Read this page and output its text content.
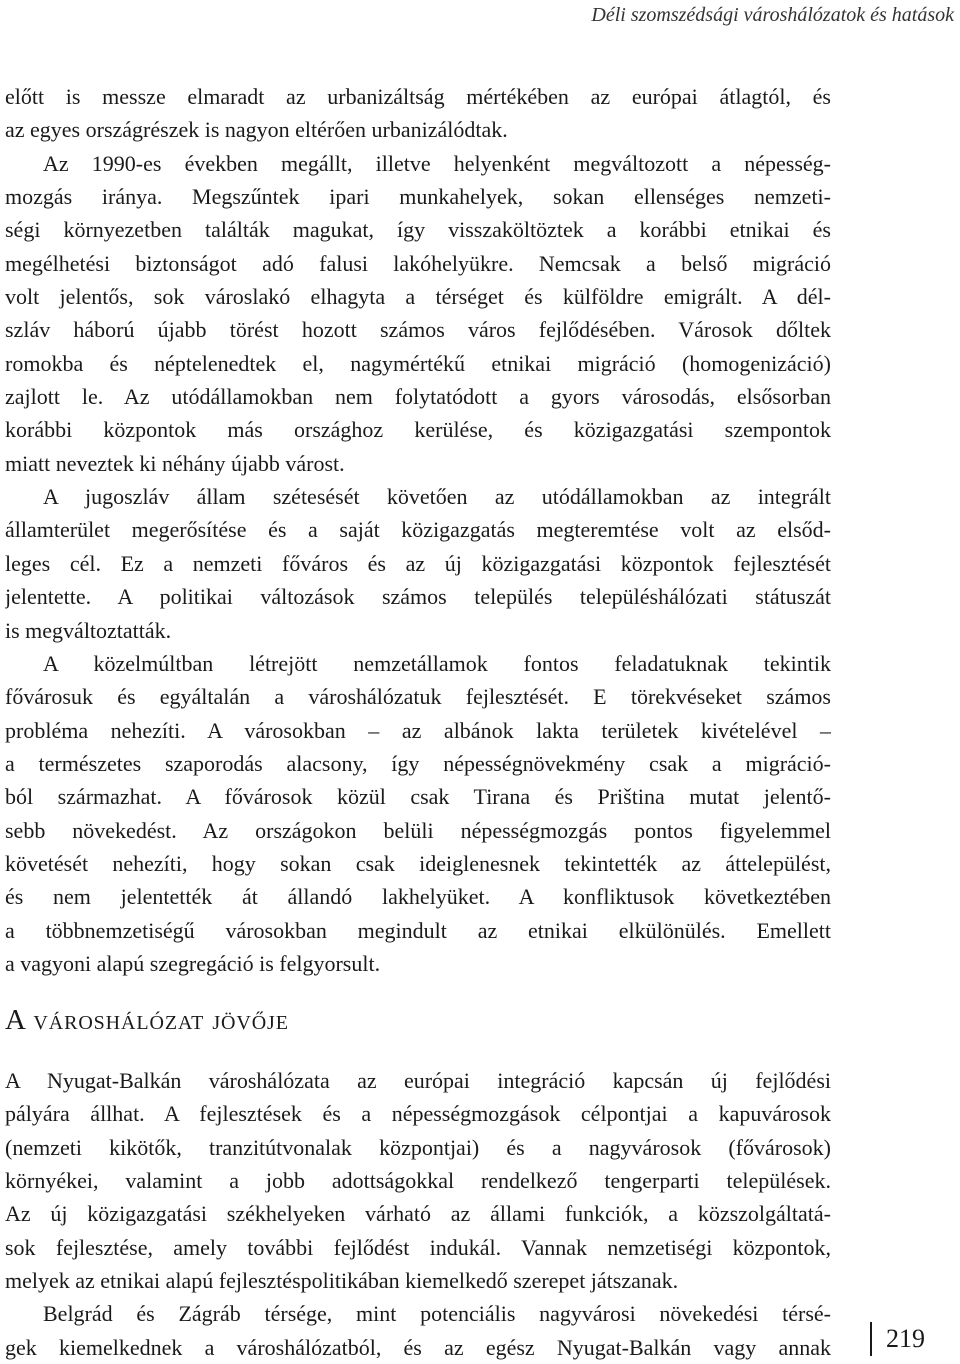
Déli szomszédsági városhálózatok és hatások
előtt is messze elmaradt az urbanizáltság mértékében az európai átlagtól, és
az egyes országrészek is nagyon eltérően urbanizálódtak.
Az 1990-es években megállt, illetve helyenként megváltozott a népesség-
mozgás iránya. Megszűntek ipari munkahelyek, sokan ellenséges nemzeti-
ségi környezetben találták magukat, így visszaköltöztek a korábbi etnikai és
megélhetési biztonságot adó falusi lakóhelyükre. Nemcsak a belső migráció
volt jelentős, sok városlakó elhagyta a térséget és külföldre emigrált. A dél-
szláv háború újabb törést hozott számos város fejlődésében. Városok dőltek
romokba és néptelenedtek el, nagymértékű etnikai migráció (homogenizáció)
zajlott le. Az utódállamokban nem folytatódott a gyors városodás, elsősorban
korábbi központok más országhoz kerülése, és közigazgatási szempontok
miatt neveztek ki néhány újabb várost.
A jugoszláv állam szétesését követően az utódállamokban az integrált
államterület megerősítése és a saját közigazgatás megteremtése volt az elsőd-
leges cél. Ez a nemzeti főváros és az új közigazgatási központok fejlesztését
jelentette. A politikai változások számos település településhálózati státuszát
is megváltoztatták.
A közelmúltban létrejött nemzetállamok fontos feladatuknak tekintik
fővárosuk és egyáltalán a városhálózatuk fejlesztését. E törekvéseket számos
probléma nehezíti. A városokban – az albánok lakta területek kivételével –
a természetes szaporodás alacsony, így népességnövekmény csak a migráció-
ból származhat. A fővárosok közül csak Tirana és Priština mutat jelentő-
sebb növekedést. Az országokon belüli népességmozgás pontos figyelemmel
követését nehezíti, hogy sokan csak ideiglenesnek tekintették az áttelepülést,
és nem jelentették át állandó lakhelyüket. A konfliktusok következtében
a többnemzetiségű városokban megindult az etnikai elkülönülés. Emellett
a vagyoni alapú szegregáció is felgyorsult.
A városhálózat jövője
A Nyugat-Balkán városhálózata az európai integráció kapcsán új fejlődési
pályára állhat. A fejlesztések és a népességmozgások célpontjai a kapuvárosok
(nemzeti kikötők, tranzitútvonalak központjai) és a nagyvárosok (fővárosok)
környékei, valamint a jobb adottságokkal rendelkező tengerparti települések.
Az új közigazgatási székhelyeken várható az állami funkciók, a közszolgáltatá-
sok fejlesztése, amely további fejlődést indukál. Vannak nemzetiségi központok,
melyek az etnikai alapú fejlesztéspolitikában kiemelkedő szerepet játszanak.
Belgrád és Zágráb térsége, mint potenciális nagyvárosi növekedési térsé-
gek kiemelkednek a városhálózatból, és az egész Nyugat-Balkán vagy annak	219
